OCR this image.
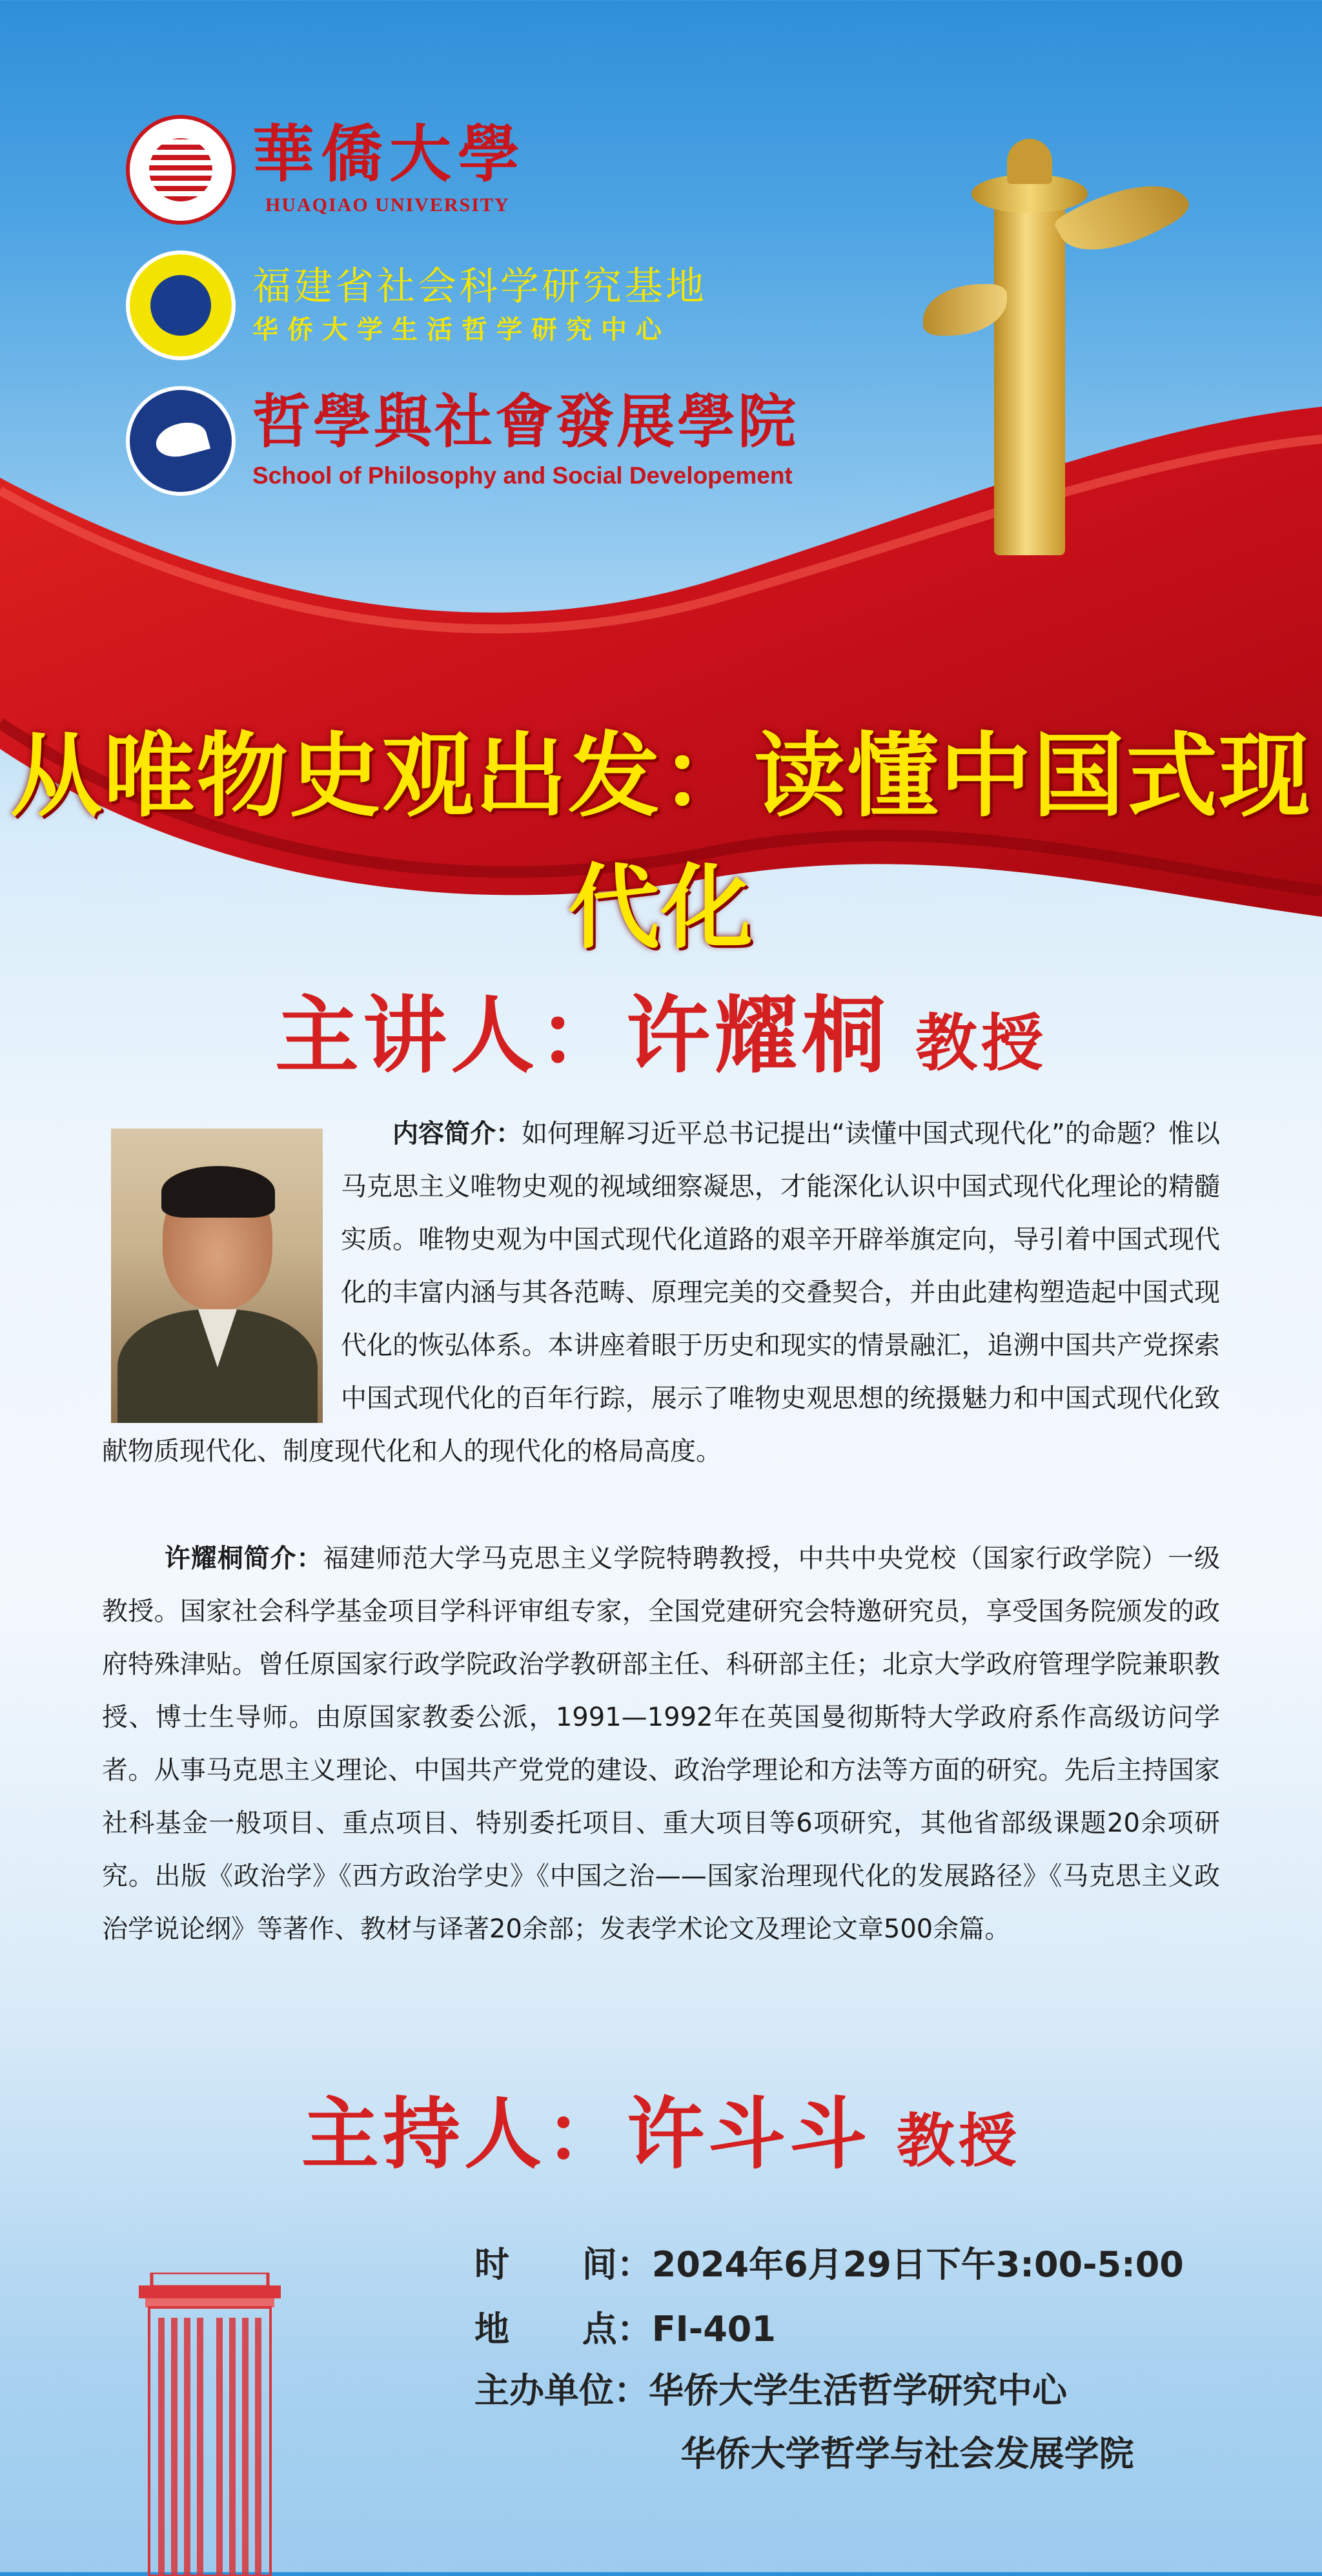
華僑大學
HUAQIAO UNIVERSITY
福建省社会科学研究基地
华侨大学生活哲学研究中心
哲學與社會發展學院
School of Philosophy and Social Developement
从唯物史观出发：读懂中国式现代化
主讲人：许耀桐 教授
内容简介：如何理解习近平总书记提出“读懂中国式现代化”的命题？惟以马克思主义唯物史观的视域细察凝思，才能深化认识中国式现代化理论的精髓实质。唯物史观为中国式现代化道路的艰辛开辟举旗定向，导引着中国式现代化的丰富内涵与其各范畴、原理完美的交叠契合，并由此建构塑造起中国式现代化的恢弘体系。本讲座着眼于历史和现实的情景融汇，追溯中国共产党探索中国式现代化的百年行踪，展示了唯物史观思想的统摄魅力和中国式现代化致献物质现代化、制度现代化和人的现代化的格局高度。
许耀桐简介：福建师范大学马克思主义学院特聘教授，中共中央党校（国家行政学院）一级教授。国家社会科学基金项目学科评审组专家，全国党建研究会特邀研究员，享受国务院颁发的政府特殊津贴。曾任原国家行政学院政治学教研部主任、科研部主任；北京大学政府管理学院兼职教授、博士生导师。由原国家教委公派，1991—1992年在英国曼彻斯特大学政府系作高级访问学者。从事马克思主义理论、中国共产党党的建设、政治学理论和方法等方面的研究。先后主持国家社科基金一般项目、重点项目、特别委托项目、重大项目等6项研究，其他省部级课题20余项研究。出版《政治学》《西方政治学史》《中国之治——国家治理现代化的发展路径》《马克思主义政治学说论纲》等著作、教材与译著20余部；发表学术论文及理论文章500余篇。
主持人：许斗斗 教授
时      间：2024年6月29日下午3:00-5:00
地      点：FI-401
主办单位：华侨大学生活哲学研究中心
华侨大学哲学与社会发展学院
